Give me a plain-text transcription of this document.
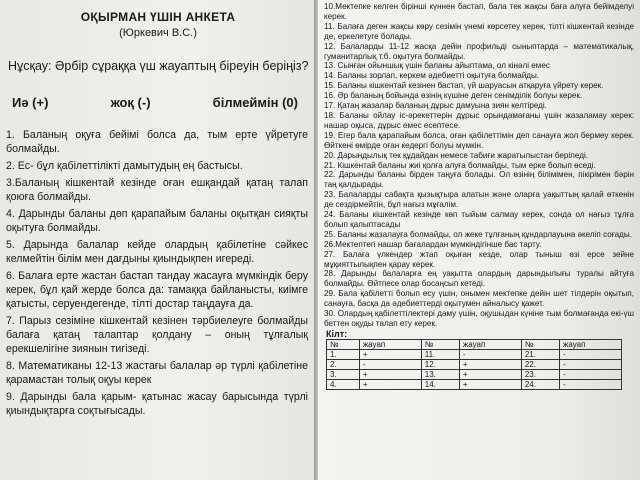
ОҚЫРМАН ҮШІН АНКЕТА
(Юркевич В.С.)
Нұсқау: Әрбір сұраққа үш жауаптың біреуін беріңіз?
Иә (+)	жоқ (-)	білмеймін (0)

1. Баланың оқуға бейімі болса да, тым ерте үйретуге болмайды.

2. Ес- бұл қабілеттілікті дамытудың ең бастысы.

3.Баланың кішкентай кезінде оған ешқандай қатаң талап қоюға болмайды.

4. Дарынды баланы дөп қарапайым баланы оқытқан сияқты оқытуға болмайды.

5. Дарында балалар кейде олардың қабілетіне сәйкес келмейтін білім мен дағдыны қиындықпен игереді.

6. Балаға ерте жастан бастап тандау жасауға мүмкіндік беру керек, бұл қай жерде болса да: тамаққа байланысты, киімге қатысты, серуендегенде, тілті достар таңдауға да.

7. Парыз сезіміне кішкентай кезінен тәрбиелеуге болмайды балаға қатаң талаптар қолдану – оның тұлғалық ерекшелігіне зиянын тигізеді.

8. Математиканы 12-13 жастағы балалар әр түрлі қабілетіне қарамастан толық оқуы керек

9. Дарынды бала қарым- қатынас жасау барысында түрлі қиындықтарға соқтығысады.

10.Мектепке келген бірінші күннен бастап, бала тек жақсы баға алуға бейімделуі керек.

11. Балаға деген жақсы көру сезімін үнемі көрсетеу керек, тілті кішкентай кезінде де, еркелетуге болады.

12. Балаларды 11-12 жасқа дейін профильді сыныптарда – математикалық, гуманитарлық т.б. оқытуға болмайды.

13. Сынған ойыншық үшін баланы айыптама, ол кінәлі емес

14. Баланы зорлап, керкем әдебиетті оқытуға болмайды.

15. Баланы кішкентай кезінен бастап, үй шаруасын атқаруға үйрету керек.

16. Әр баланың бойында өзінің күшіне деген сенімділік болуы керек.

17. Қатаң жазалар баланың дұрыс дамуына зиян келтіреді.

18. Баланы ойлау іс-әрекеттерін дұрыс орындамағаны үшін жазаламау керек: нашар оқыса, дұрыс емес есептесе.

19. Егер бала қарапайым болса, оған қабілеттімін деп санауға жол бермеу керек. Өйткені өмірде оған кедергі болуы мүмкін.

20. Дарындылық тек құдайдан немесе табиғи жаратылыстан беріледі.

21. Кішкентай баланы жиі қолға алуға болмайды, тым ерке болып өседі.

22. Дарынды баланы бірден таңуға болады. Ол өзінің білімімен, пікірімен бәрін таң қалдырады.

23. Балаларды сабақта қызықтыра алатын және оларға уақыттың қалай өткенін де сездірмейтін, бұл нағыз мұғалім.

24. Баланы кішкентай кезінде көп тыйым салмау керек, сонда ол нағыз тұлға болып қалыптасады

25. Баланы жазалауға болмайды, ол жеке тұлғаның құндарлауына әкеліп соғады.

26.Мектептегі нашар бағалардан мүмкіндігінше бас тарту.

27. Балаға үлкендер жтап оқыған кезде, олар тыныш өзі ерсе зейне мұқияттылықпен қарау керек.

28. Дарынды балаларға ең уақытта олардың дарындылығы туралы айтуға болмайды. Өйтпесе олар босаңсып кетеді.

29. Бала қабілетті болып есу үшін, онымен мектепке дейін шет тілдерін оқытып, санауға, басқа да әдебиеттерді оқытумен айналысу қажет.

30. Олардың қабілеттілектері даму үшін, оқушыдан күніне тым болмағанда екі-үш беттен оқуды талап ету керек.

Кілт:
№	жауап	№	жауап	№	жауап
1.	+	11.	-	21.	-
2.	-	12.	+	22.	-
3.	+	13.	+	23.	-
4.	+	14.	+	24.	-
